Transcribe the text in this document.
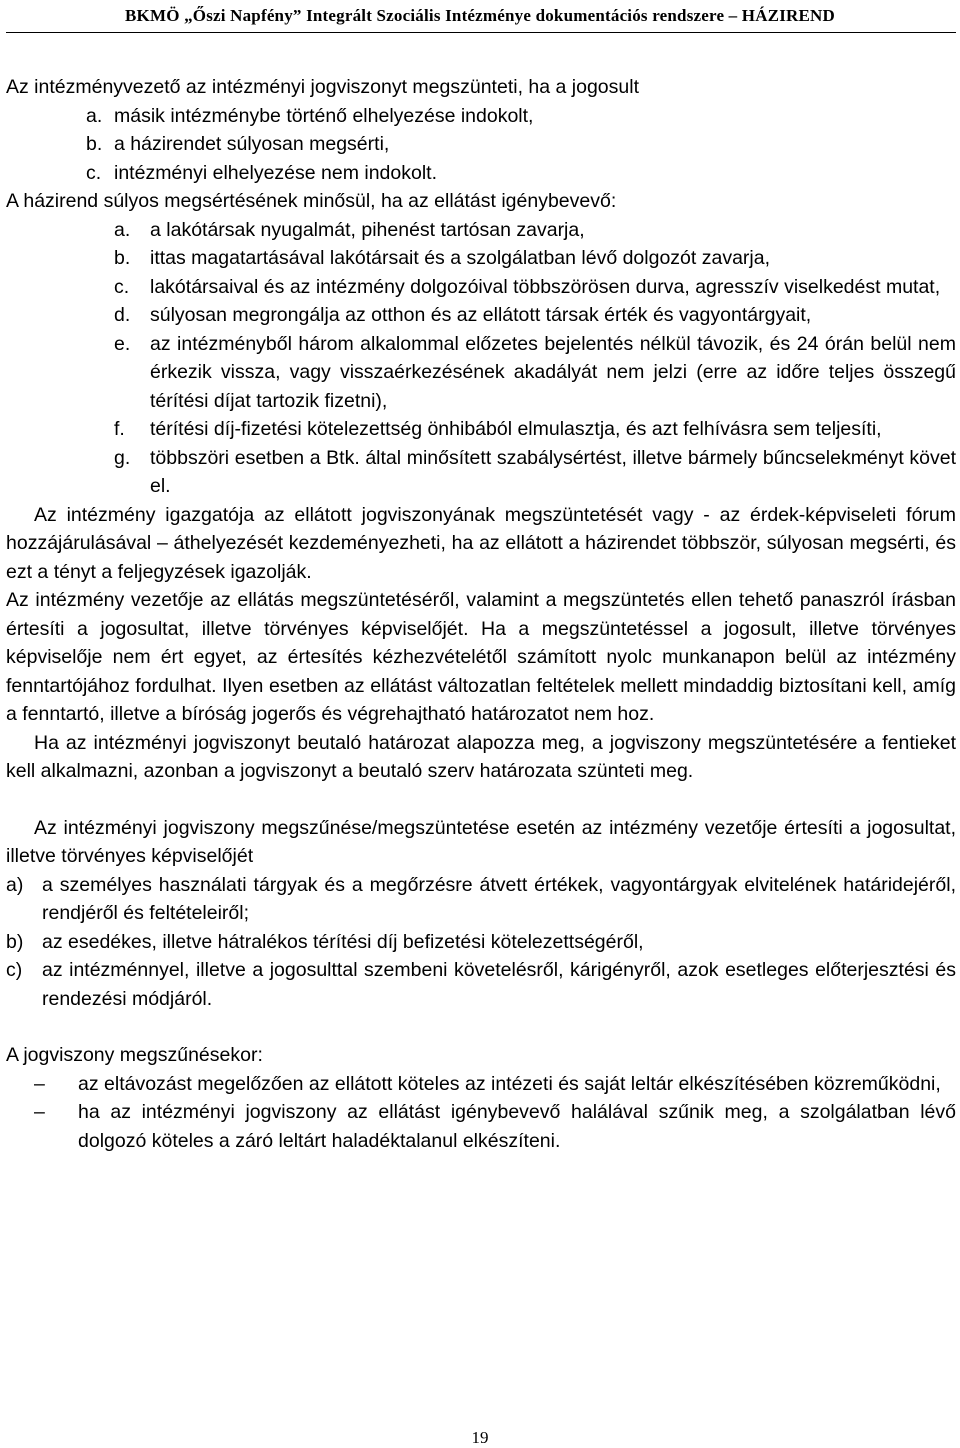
BKMÖ „Őszi Napfény” Integrált Szociális Intézménye dokumentációs rendszere – HÁZIREND

Az intézményvezető az intézményi jogviszonyt megszünteti, ha a jogosult

a. másik intézménybe történő elhelyezése indokolt,
b. a házirendet súlyosan megsérti,
c. intézményi elhelyezése nem indokolt.

A házirend súlyos megsértésének minősül, ha az ellátást igénybevevő:

a. a lakótársak nyugalmát, pihenést tartósan zavarja,
b. ittas magatartásával lakótársait és a szolgálatban lévő dolgozót zavarja,
c. lakótársaival és az intézmény dolgozóival többszörösen durva, agresszív viselkedést mutat,
d. súlyosan megrongálja az otthon és az ellátott társak érték és vagyontárgyait,
e. az intézményből három alkalommal előzetes bejelentés nélkül távozik, és 24 órán belül nem érkezik vissza, vagy visszaérkezésének akadályát nem jelzi (erre az időre teljes összegű térítési díjat tartozik fizetni),
f. térítési díj-fizetési kötelezettség önhibából elmulasztja, és azt felhívásra sem teljesíti,
g. többszöri esetben a Btk. által minősített szabálysértést, illetve bármely bűncselekményt követ el.

Az intézmény igazgatója az ellátott jogviszonyának megszüntetését vagy - az érdek-képviseleti fórum hozzájárulásával – áthelyezését kezdeményezheti, ha az ellátott a házirendet többször, súlyosan megsérti, és ezt a tényt a feljegyzések igazolják.

Az intézmény vezetője az ellátás megszüntetéséről, valamint a megszüntetés ellen tehető panaszról írásban értesíti a jogosultat, illetve törvényes képviselőjét. Ha a megszüntetéssel a jogosult, illetve törvényes képviselője nem ért egyet, az értesítés kézhezvételétől számított nyolc munkanapon belül az intézmény fenntartójához fordulhat. Ilyen esetben az ellátást változatlan feltételek mellett mindaddig biztosítani kell, amíg a fenntartó, illetve a bíróság jogerős és végrehajtható határozatot nem hoz.

Ha az intézményi jogviszonyt beutaló határozat alapozza meg, a jogviszony megszüntetésére a fentieket kell alkalmazni, azonban a jogviszonyt a beutaló szerv határozata szünteti meg.

Az intézményi jogviszony megszűnése/megszüntetése esetén az intézmény vezetője értesíti a jogosultat, illetve törvényes képviselőjét

a) a személyes használati tárgyak és a megőrzésre átvett értékek, vagyontárgyak elvitelének határidejéről, rendjéről és feltételeiről;
b) az esedékes, illetve hátralékos térítési díj befizetési kötelezettségéről,
c) az intézménnyel, illetve a jogosulttal szembeni követelésről, kárigényről, azok esetleges előterjesztési és rendezési módjáról.

A jogviszony megszűnésekor:

– az eltávozást megelőzően az ellátott köteles az intézeti és saját leltár elkészítésében közreműködni,
– ha az intézményi jogviszony az ellátást igénybevevő halálával szűnik meg, a szolgálatban lévő dolgozó köteles a záró leltárt haladéktalanul elkészíteni.
19
